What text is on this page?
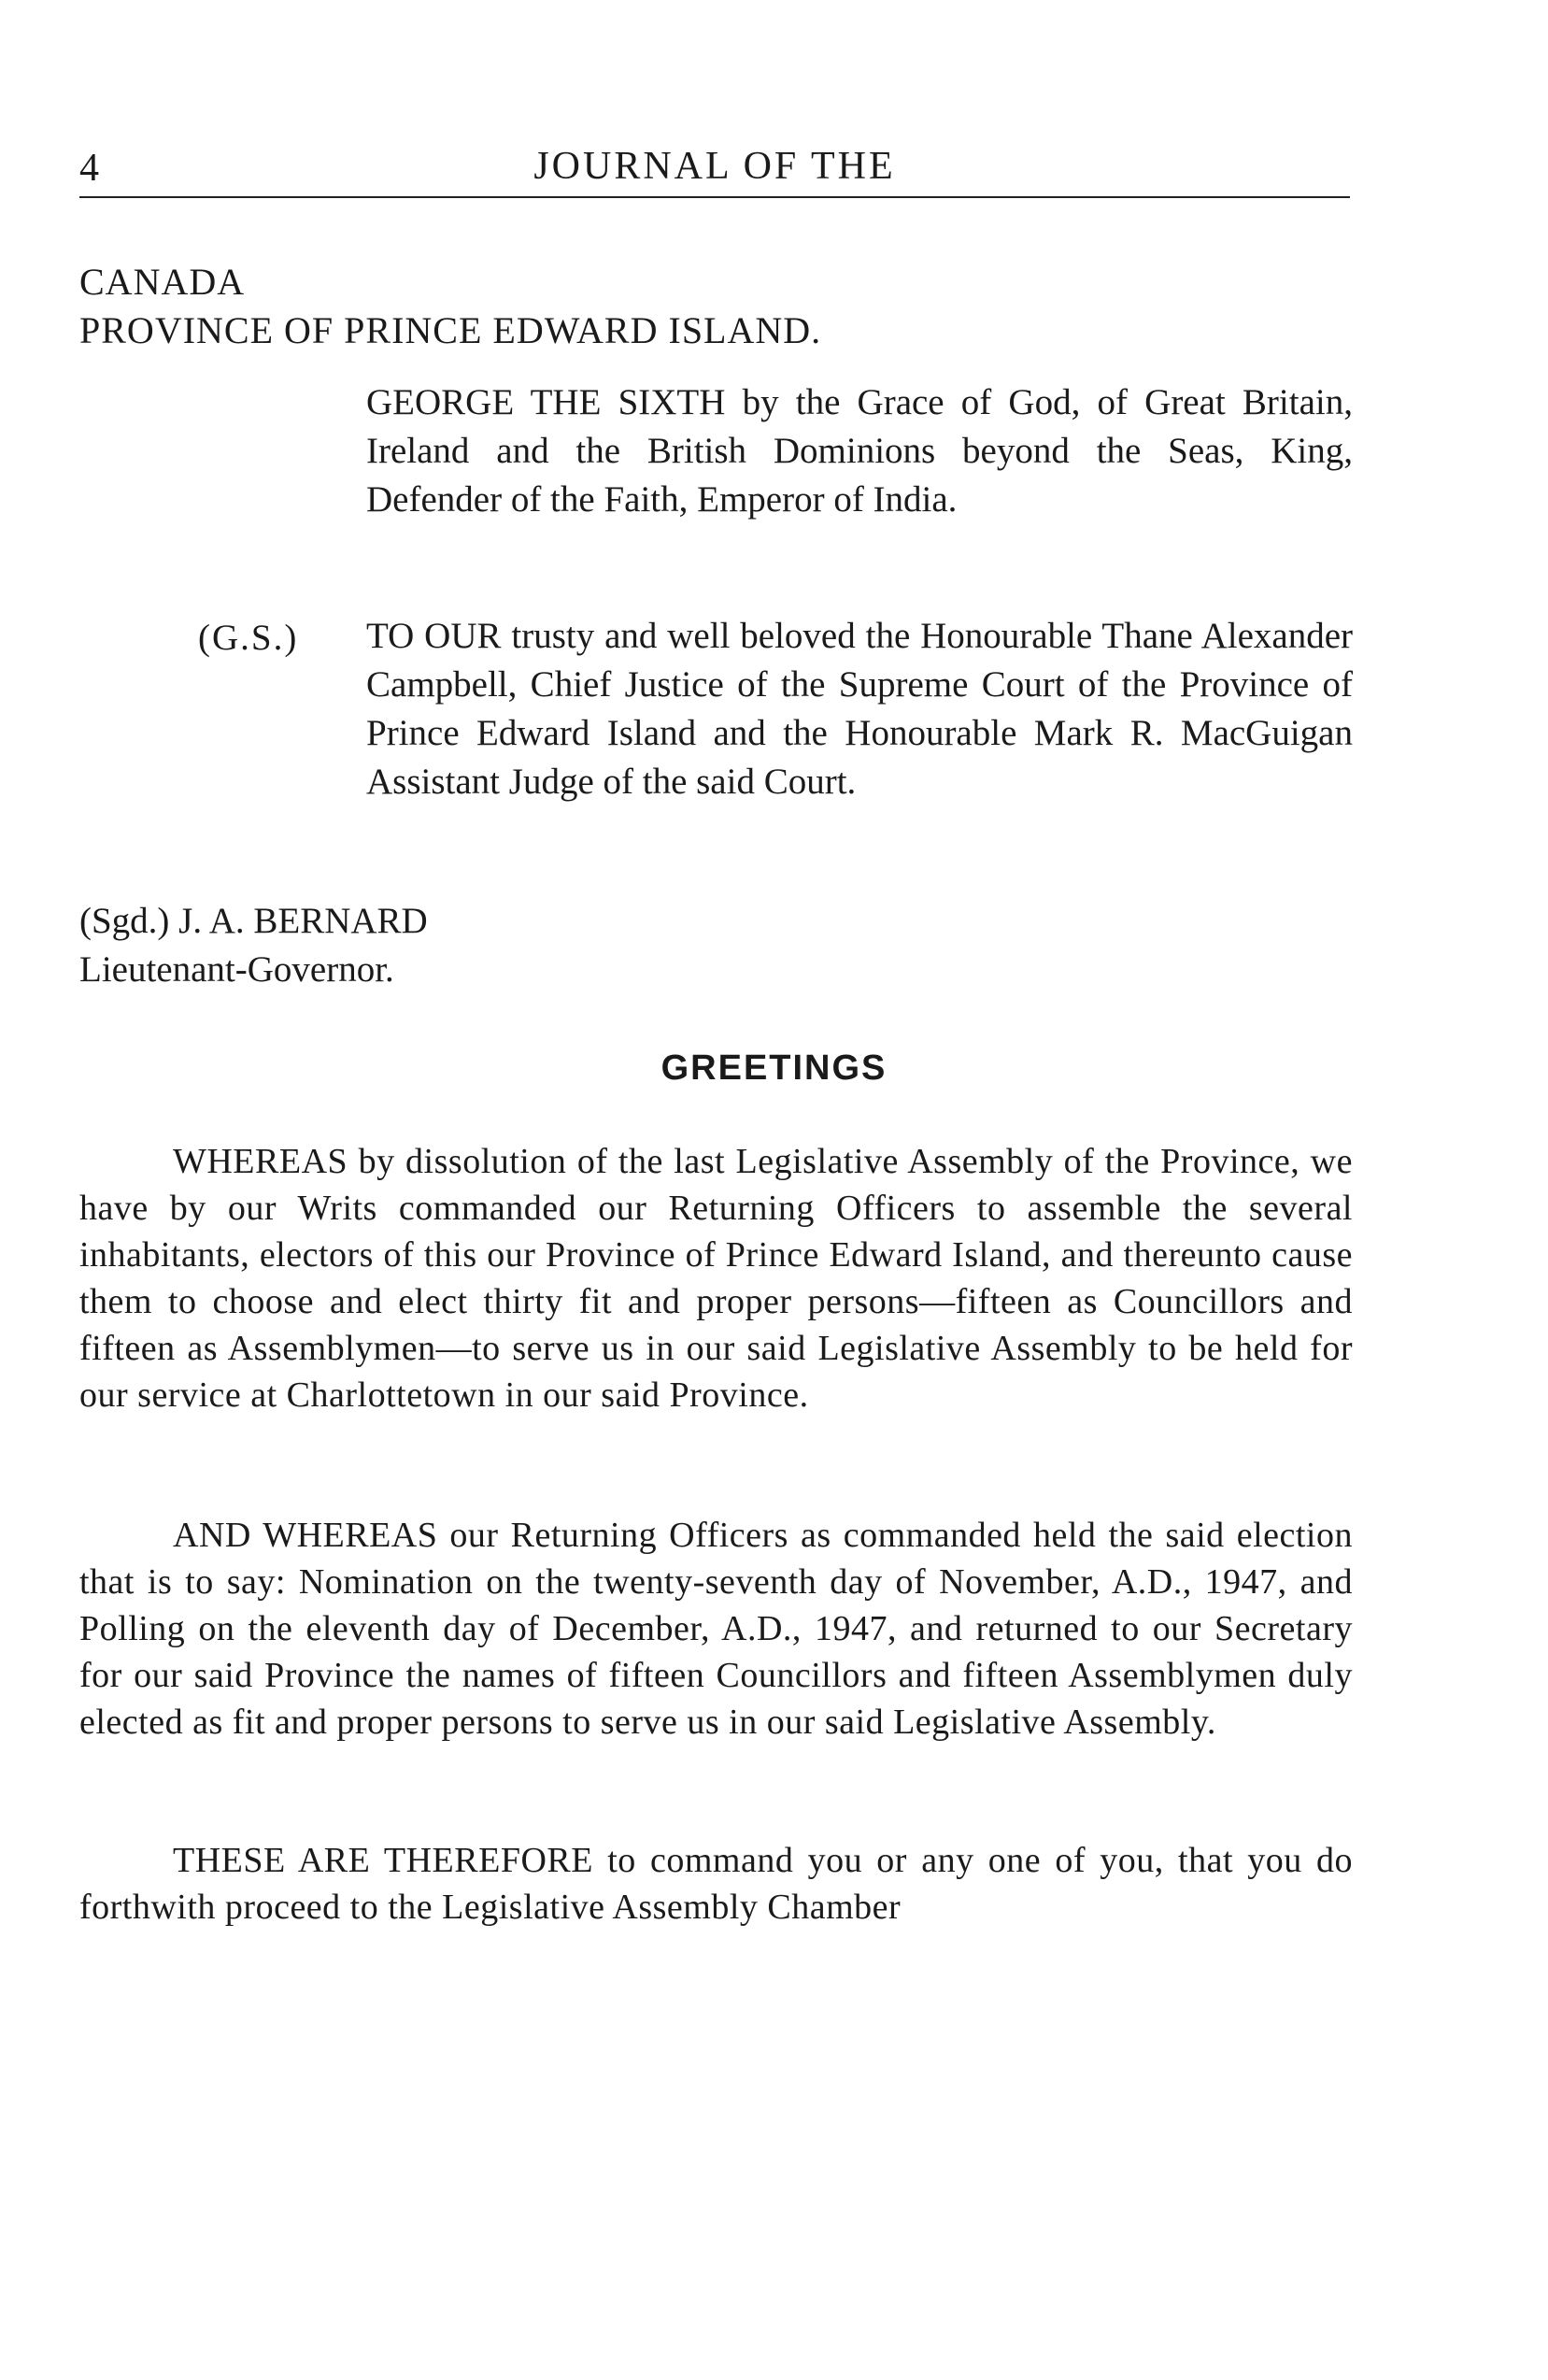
4	JOURNAL OF THE
CANADA
PROVINCE OF PRINCE EDWARD ISLAND.
GEORGE THE SIXTH by the Grace of God, of Great Britain, Ireland and the British Dominions beyond the Seas, King, Defender of the Faith, Emperor of India.
(G.S.) TO OUR trusty and well beloved the Honourable Thane Alexander Campbell, Chief Justice of the Supreme Court of the Province of Prince Edward Island and the Honourable Mark R. MacGuigan Assistant Judge of the said Court.
(Sgd.) J. A. BERNARD
Lieutenant-Governor.
GREETINGS

WHEREAS by dissolution of the last Legislative Assembly of the Province, we have by our Writs commanded our Returning Officers to assemble the several inhabitants, electors of this our Province of Prince Edward Island, and thereunto cause them to choose and elect thirty fit and proper persons—fifteen as Councillors and fifteen as Assemblymen—to serve us in our said Legislative Assembly to be held for our service at Charlottetown in our said Province.

AND WHEREAS our Returning Officers as commanded held the said election that is to say: Nomination on the twenty-seventh day of November, A.D., 1947, and Polling on the eleventh day of December, A.D., 1947, and returned to our Secretary for our said Province the names of fifteen Councillors and fifteen Assemblymen duly elected as fit and proper persons to serve us in our said Legislative Assembly.

THESE ARE THEREFORE to command you or any one of you, that you do forthwith proceed to the Legislative Assembly Chamber
